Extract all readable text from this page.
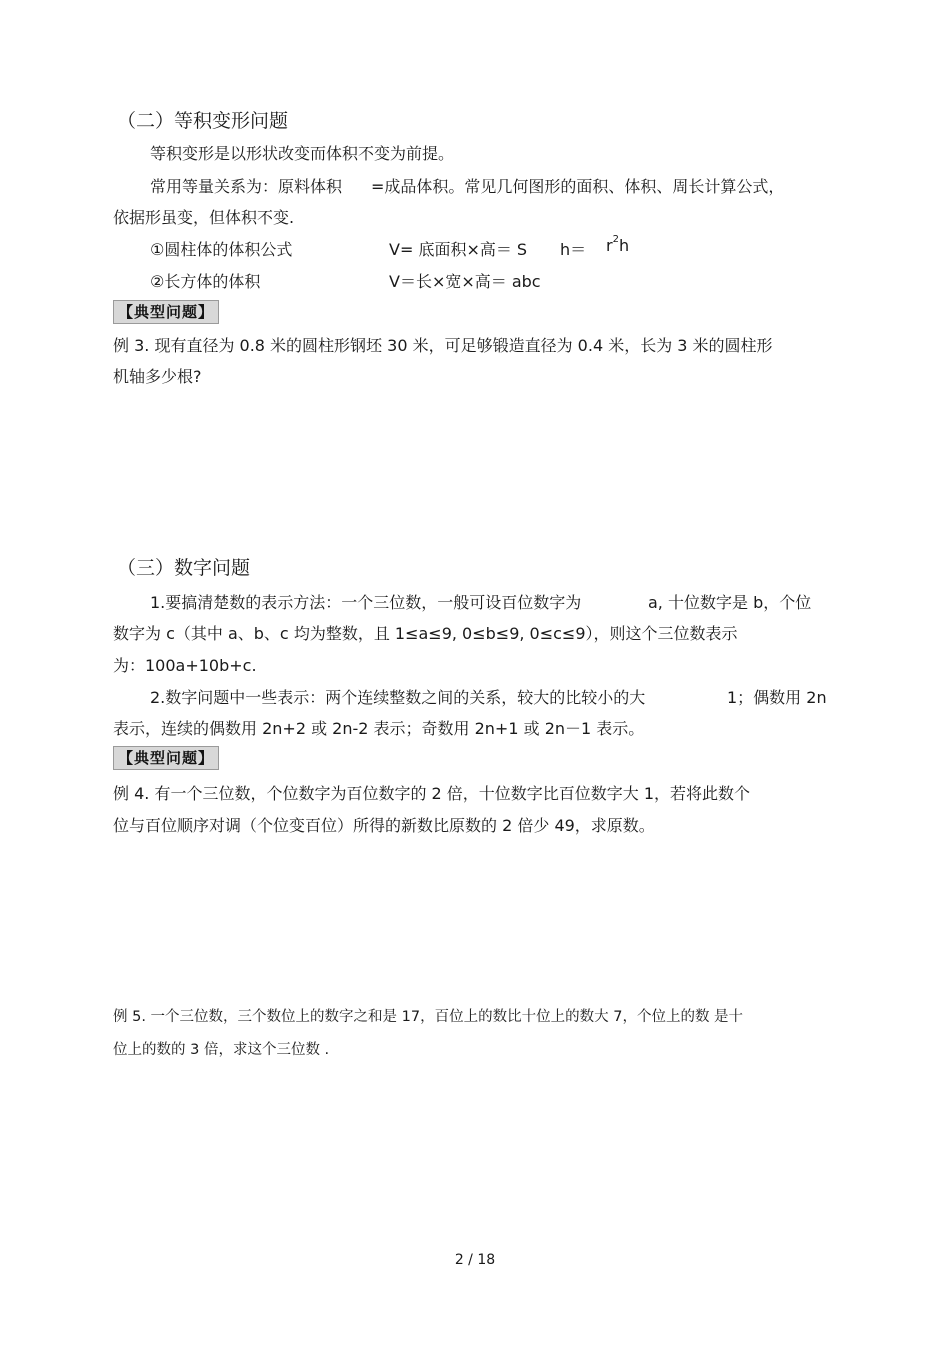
（二）等积变形问题
等积变形是以形状改变而体积不变为前提。
常用等量关系为：原料体积 =成品体积。常见几何图形的面积、体积、周长计算公式，
依据形虽变，但体积不变.
①圆柱体的体积公式	V= 底面积×高＝ S $h= r^2h$
②长方体的体积	V＝长×宽×高＝ abc
【典型问题】
例 3. 现有直径为 0.8 米的圆柱形钢坯 30 米，可足够锻造直径为 0.4 米，长为 3 米的圆柱形
机轴多少根?
（三）数字问题
1.要搞清楚数的表示方法：一个三位数，一般可设百位数字为	a, 十位数字是 b，个位
数字为 c（其中 a、b、c 均为整数，且 1≤a≤9, 0≤b≤9, 0≤c≤9），则这个三位数表示
为：100a+10b+c.
2.数字问题中一些表示：两个连续整数之间的关系，较大的比较小的大	1；偶数用 2n
表示，连续的偶数用 2n+2 或 2n-2 表示；奇数用 2n+1 或 2n－1 表示。
【典型问题】
例 4. 有一个三位数，个位数字为百位数字的 2 倍，十位数字比百位数字大 1，若将此数个
位与百位顺序对调（个位变百位）所得的新数比原数的 2 倍少 49，求原数。
例 5. 一个三位数，三个数位上的数字之和是 17，百位上的数比十位上的数大 7，个位上的数 是十
位上的数的 3 倍，求这个三位数 .
2 / 18
